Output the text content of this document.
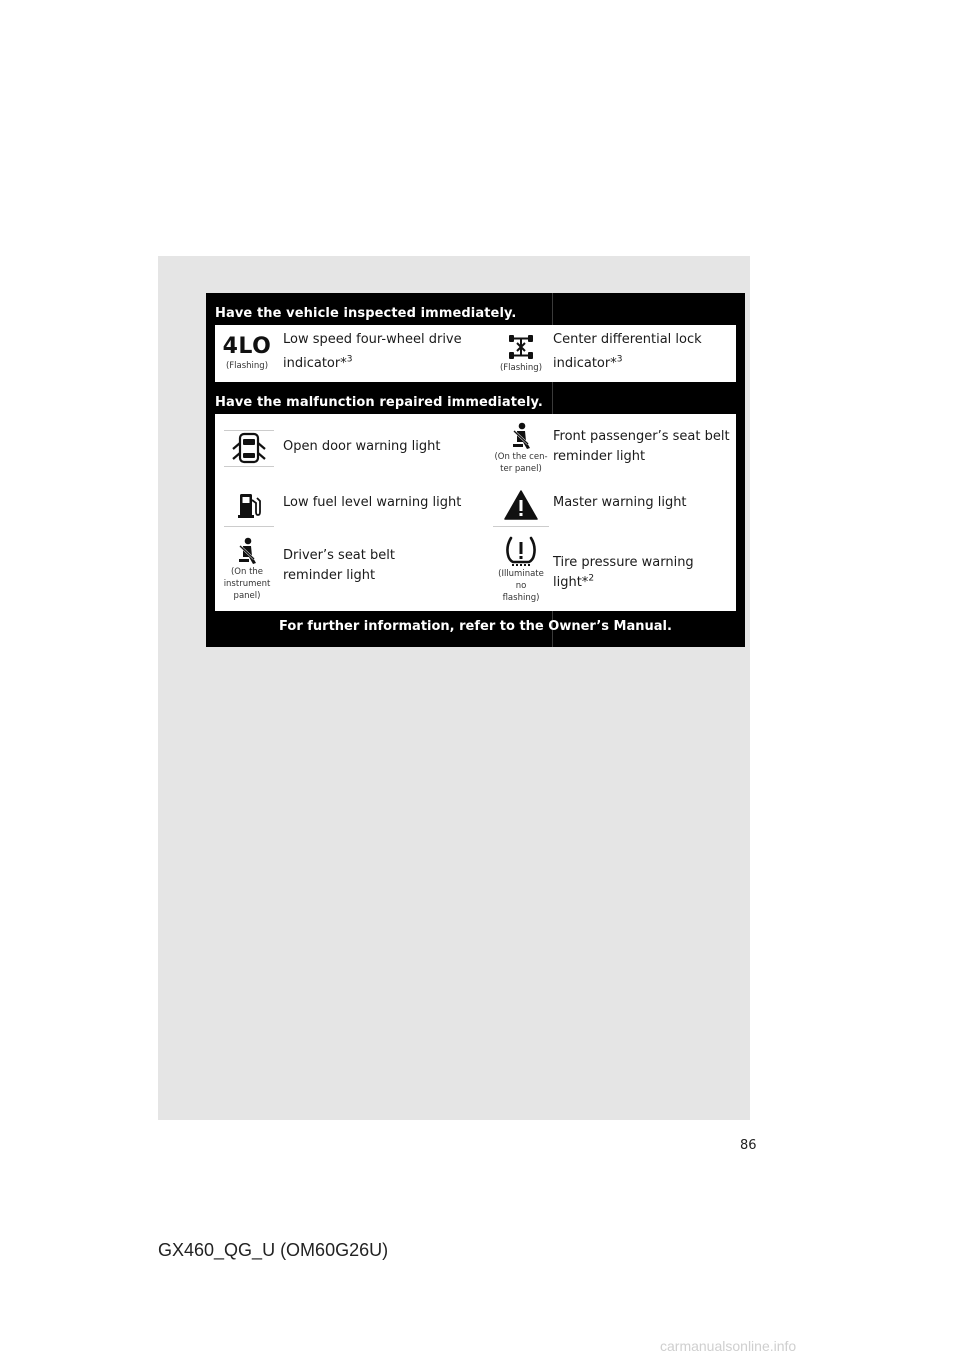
Have the vehicle inspected immediately.
4LO
(Flashing)
Low speed four-wheel drive
indicator*$^3$
(Flashing)
Center differential lock
indicator*$^3$
Have the malfunction repaired immediately.
Open door warning light
(On the cen-
ter panel)
Front passenger’s seat belt
reminder light
Low fuel level warning light	Master warning light
(On the
instrument
panel)
Driver’s seat belt
reminder light	(Illuminate no
flashing)
Tire pressure warning light*$^2$
For further information, refer to the Owner’s Manual.
86
GX460_QG_U (OM60G26U)
carmanualsonline.info
